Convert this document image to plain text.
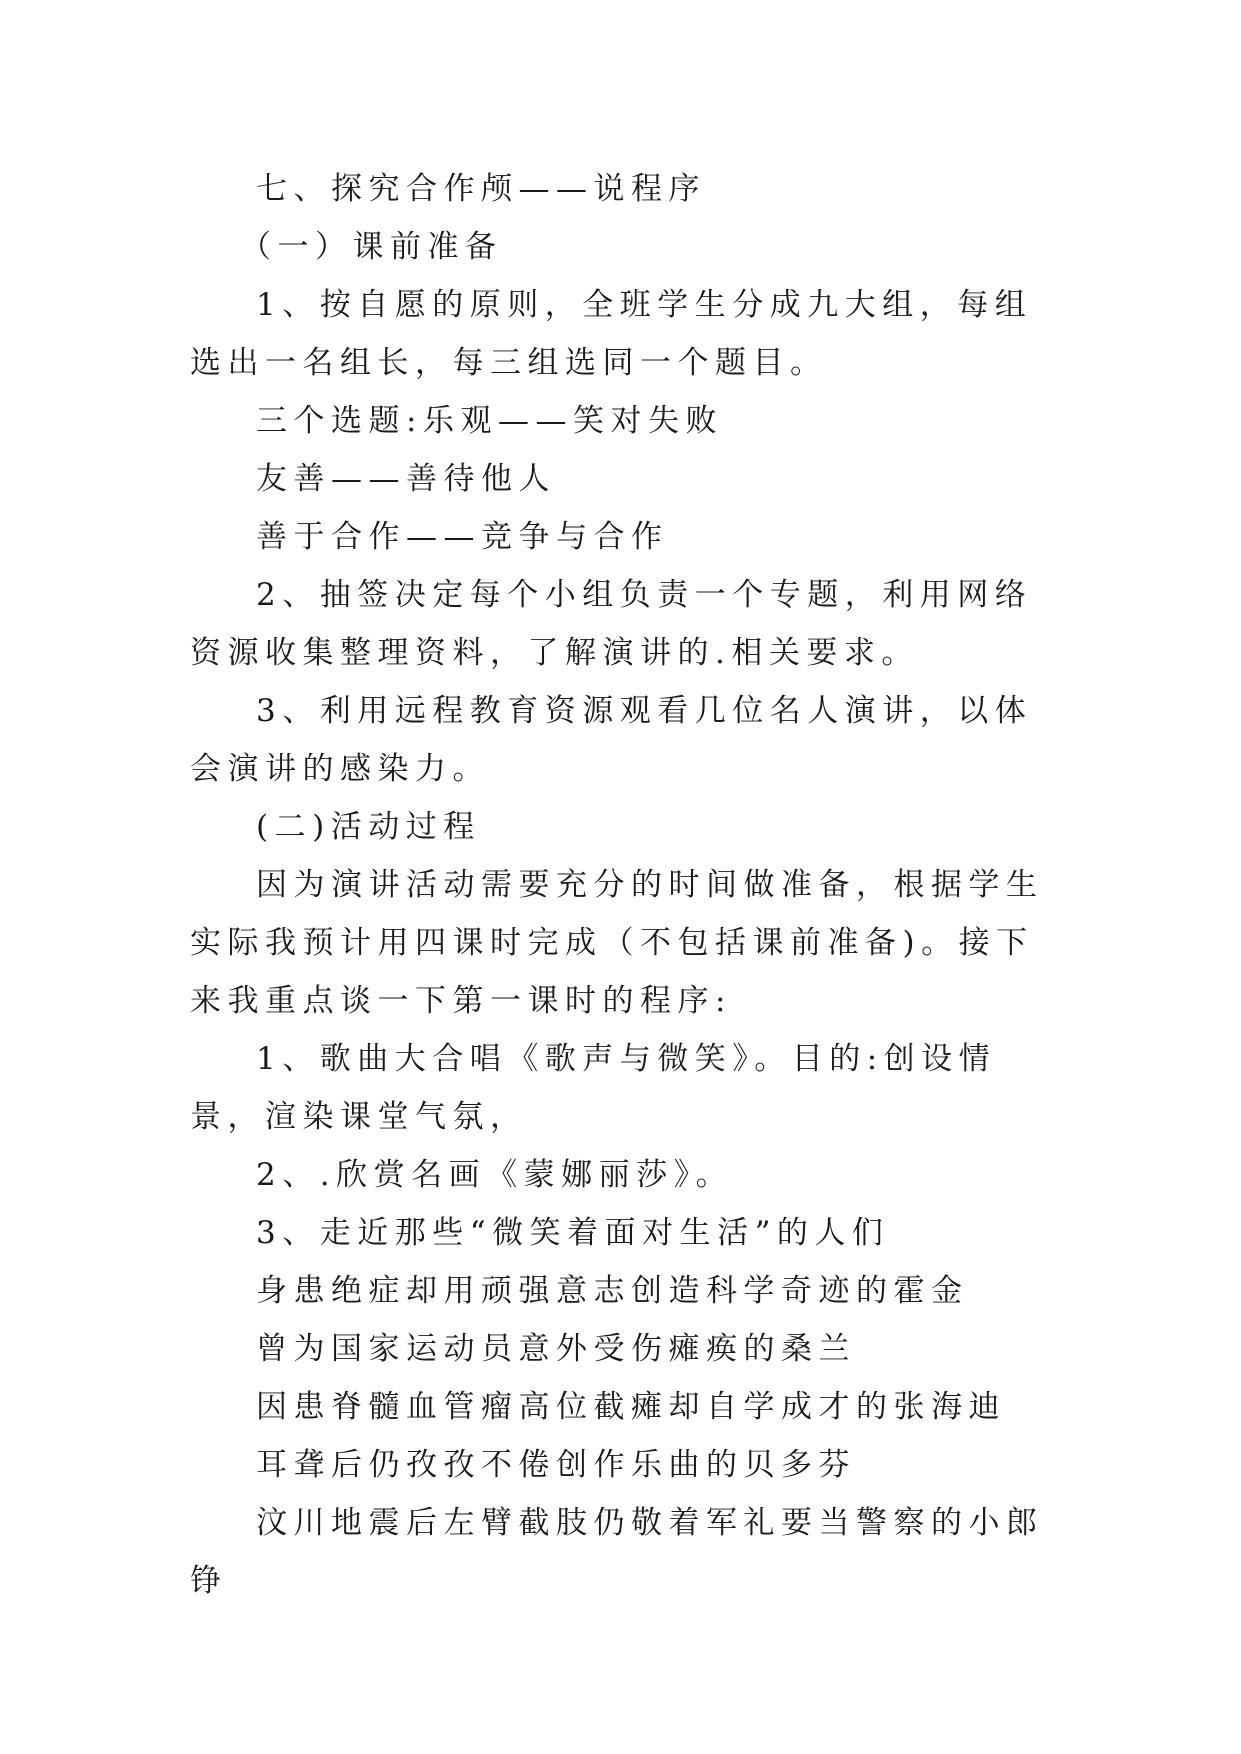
七、探究合作颅——说程序

（一）课前准备

1、按自愿的原则，全班学生分成九大组，每组选出一名组长，每三组选同一个题目。

三个选题:乐观——笑对失败

友善——善待他人

善于合作——竞争与合作

2、抽签决定每个小组负责一个专题，利用网络资源收集整理资料，了解演讲的.相关要求。

3、利用远程教育资源观看几位名人演讲，以体会演讲的感染力。

(二)活动过程

因为演讲活动需要充分的时间做准备，根据学生实际我预计用四课时完成（不包括课前准备)。接下来我重点谈一下第一课时的程序:

1、歌曲大合唱《歌声与微笑》。目的:创设情景，渲染课堂气氛，

2、.欣赏名画《蒙娜丽莎》。

3、走近那些“微笑着面对生活”的人们

身患绝症却用顽强意志创造科学奇迹的霍金

曾为国家运动员意外受伤瘫痪的桑兰

因患脊髓血管瘤高位截瘫却自学成才的张海迪

耳聋后仍孜孜不倦创作乐曲的贝多芬

汶川地震后左臂截肢仍敬着军礼要当警察的小郎铮
